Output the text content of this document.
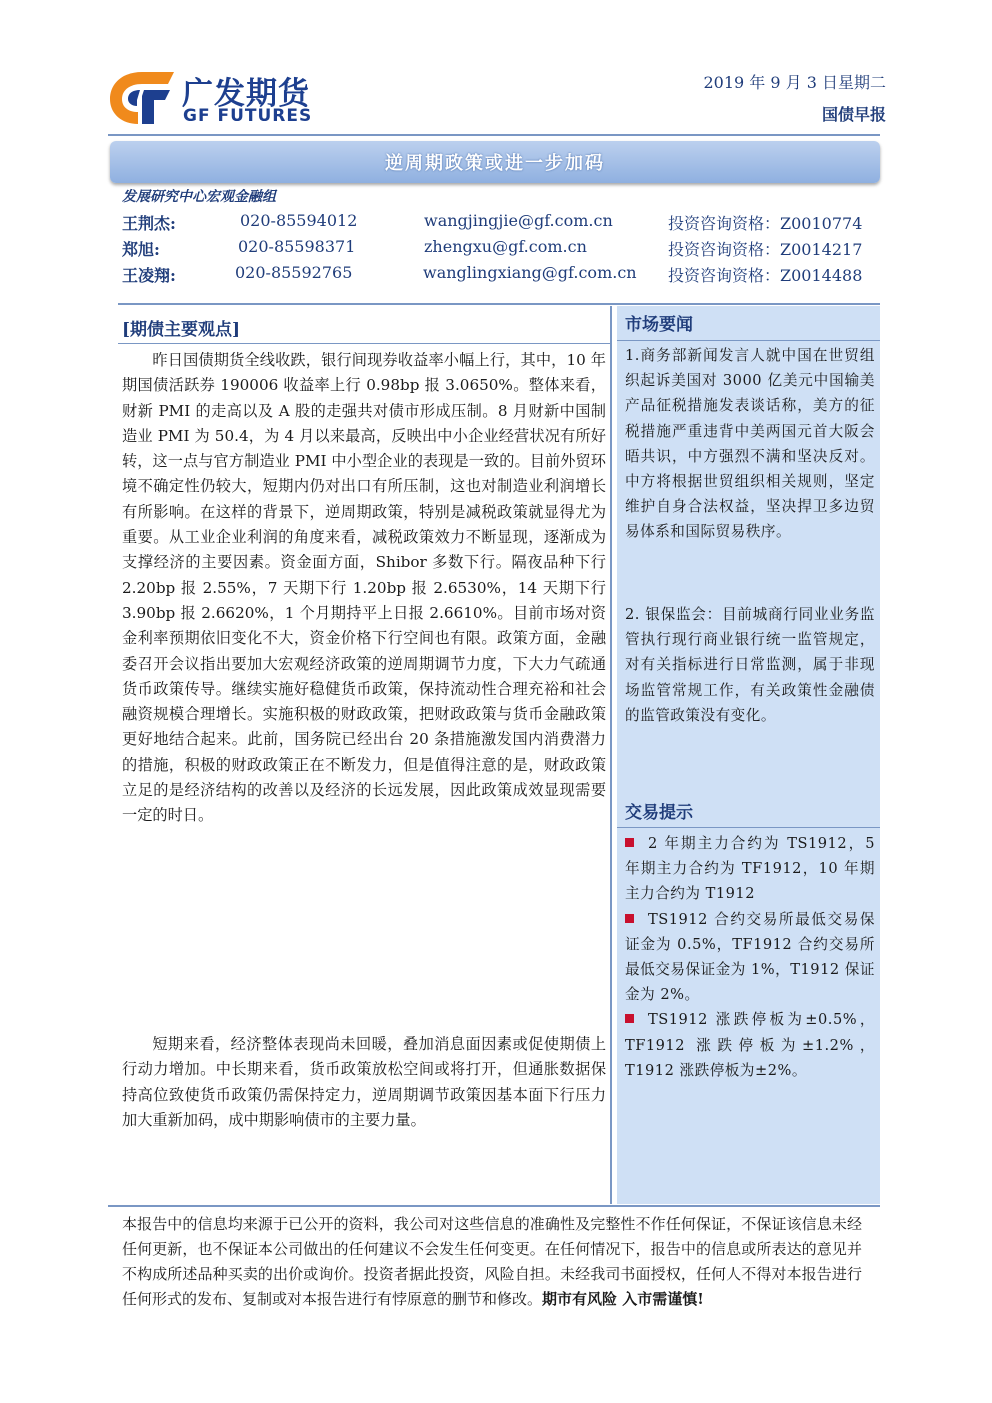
广发期货
GF FUTURES
2019 年 9 月 3 日星期二
国债早报
逆周期政策或进一步加码
发展研究中心宏观金融组
王荆杰:	020-85594012	wangjingjie@gf.com.cn	投资咨询资格：Z0010774
郑旭:	020-85598371	zhengxu@gf.com.cn	投资咨询资格：Z0014217
王凌翔:	020-85592765	wanglingxiang@gf.com.cn 投资咨询资格：Z0014488
[期债主要观点]

昨日国债期货全线收跌，银行间现券收益率小幅上行，其中，10 年期国债活跃券 190006 收益率上行 0.98bp 报 3.0650%。整体来看，财新 PMI 的走高以及 A 股的走强共对债市形成压制。8 月财新中国制造业 PMI 为 50.4，为 4 月以来最高，反映出中小企业经营状况有所好转，这一点与官方制造业 PMI 中小型企业的表现是一致的。目前外贸环境不确定性仍较大，短期内仍对出口有所压制，这也对制造业利润增长有所影响。在这样的背景下，逆周期政策，特别是减税政策就显得尤为重要。从工业企业利润的角度来看，减税政策效力不断显现，逐渐成为支撑经济的主要因素。资金面方面，Shibor 多数下行。隔夜品种下行 2.20bp 报 2.55%，7 天期下行 1.20bp 报 2.6530%，14 天期下行 3.90bp 报 2.6620%，1 个月期持平上日报 2.6610%。目前市场对资金利率预期依旧变化不大，资金价格下行空间也有限。政策方面，金融委召开会议指出要加大宏观经济政策的逆周期调节力度，下大力气疏通货币政策传导。继续实施好稳健货币政策，保持流动性合理充裕和社会融资规模合理增长。实施积极的财政政策，把财政政策与货币金融政策更好地结合起来。此前，国务院已经出台 20 条措施激发国内消费潜力的措施，积极的财政政策正在不断发力，但是值得注意的是，财政政策立足的是经济结构的改善以及经济的长远发展，因此政策成效显现需要一定的时日。

短期来看，经济整体表现尚未回暖，叠加消息面因素或促使期债上行动力增加。中长期来看，货币政策放松空间或将打开，但通胀数据保持高位致使货币政策仍需保持定力，逆周期调节政策因基本面下行压力加大重新加码，成中期影响债市的主要力量。

市场要闻

1.商务部新闻发言人就中国在世贸组织起诉美国对 3000 亿美元中国输美产品征税措施发表谈话称，美方的征税措施严重违背中美两国元首大阪会晤共识，中方强烈不满和坚决反对。中方将根据世贸组织相关规则，坚定维护自身合法权益，坚决捍卫多边贸易体系和国际贸易秩序。

2. 银保监会：目前城商行同业业务监管执行现行商业银行统一监管规定，对有关指标进行日常监测，属于非现场监管常规工作，有关政策性金融债的监管政策没有变化。

交易提示

2 年期主力合约为 TS1912，5 年期主力合约为 TF1912，10 年期主力合约为 T1912

TS1912 合约交易所最低交易保证金为 0.5%，TF1912 合约交易所最低交易保证金为 1%，T1912 保证金为 2%。

TS1912 涨跌停板为±0.5%，TF1912 涨跌停板为±1.2%，T1912 涨跌停板为±2%。

本报告中的信息均来源于已公开的资料，我公司对这些信息的准确性及完整性不作任何保证，不保证该信息未经任何更新，也不保证本公司做出的任何建议不会发生任何变更。在任何情况下，报告中的信息或所表达的意见并不构成所述品种买卖的出价或询价。投资者据此投资，风险自担。未经我司书面授权，任何人不得对本报告进行任何形式的发布、复制或对本报告进行有悖原意的删节和修改。期市有风险 入市需谨慎!
